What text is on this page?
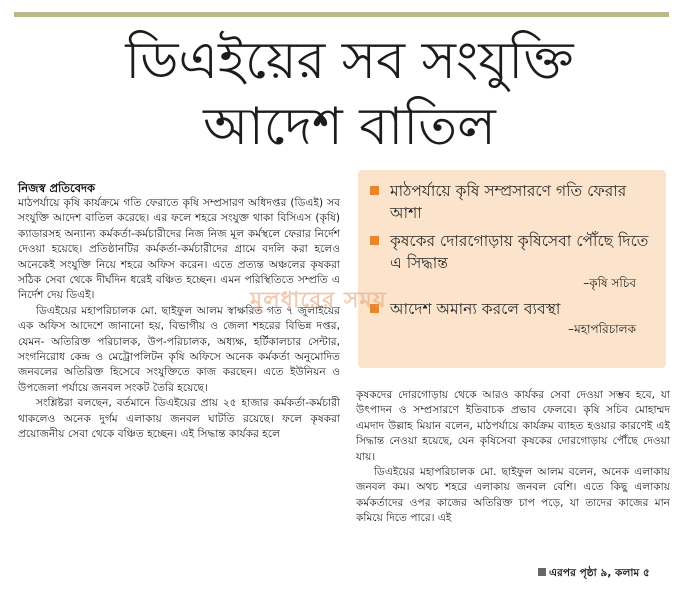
ডিএইয়ের সব সংযুক্তি
আদেশ বাতিল
নিজস্ব প্রতিবেদক

মাঠপর্যায়ে কৃষি কার্যক্রমে গতি ফেরাতে কৃষি সম্প্রসারণ অধিদপ্তর (ডিএই) সব সংযুক্তি আদেশ বাতিল করেছে। এর ফলে শহরে সংযুক্ত থাকা বিসিএস (কৃষি) ক্যাডারসহ অন্যান্য কর্মকর্তা-কর্মচারীদের নিজ নিজ মূল কর্মস্থলে ফেরার নির্দেশ দেওয়া হয়েছে। প্রতিষ্ঠানটির কর্মকর্তা-কর্মচারীদের গ্রামে বদলি করা হলেও অনেকেই সংযুক্তি নিয়ে শহরে অফিস করেন। এতে প্রত্যন্ত অঞ্চলের কৃষকরা সঠিক সেবা থেকে দীর্ঘদিন ধরেই বঞ্চিত হচ্ছেন। এমন পরিস্থিতিতে সম্প্রতি এ নির্দেশ দেয় ডিএই।

ডিএইয়ের মহাপরিচালক মো. ছাইফুল আলম স্বাক্ষরিত গত ৭ জুলাইয়ের এক অফিস আদেশে জানানো হয়, বিভাগীয় ও জেলা শহরের বিভিন্ন দপ্তর, যেমন- অতিরিক্ত পরিচালক, উপ-পরিচালক, অধ্যক্ষ, হর্টিকালচার সেন্টার, সংগনিরোধ কেন্দ্র ও মেট্রোপলিটন কৃষি অফিসে অনেক কর্মকর্তা অনুমোদিত জনবলের অতিরিক্ত হিসেবে সংযুক্তিতে কাজ করছেন। এতে ইউনিয়ন ও উপজেলা পর্যায়ে জনবল সংকট তৈরি হয়েছে।

সংশ্লিষ্টরা বলছেন, বর্তমানে ডিএইয়ের প্রায় ২৫ হাজার কর্মকর্তা-কর্মচারী থাকলেও অনেক দুর্গম এলাকায় জনবল ঘাটতি রয়েছে। ফলে কৃষকরা প্রয়োজনীয় সেবা থেকে বঞ্চিত হচ্ছেন। এই সিদ্ধান্ত কার্যকর হলে

মাঠপর্যায়ে কৃষি সম্প্রসারণে গতি ফেরার আশা
কৃষকের দোরগোড়ায় কৃষিসেবা পৌঁছে দিতে এ সিদ্ধান্ত
–কৃষি সচিব
আদেশ অমান্য করলে ব্যবস্থা
–মহাপরিচালক
মুলধারের সময়

কৃষকদের দোরগোড়ায় থেকে আরও কার্যকর সেবা দেওয়া সম্ভব হবে, যা উৎপাদন ও সম্প্রসারণে ইতিবাচক প্রভাব ফেলবে। কৃষি সচিব মোহাম্মদ এমদাদ উল্লাহ মিয়ান বলেন, মাঠপর্যায়ে কার্যক্রম ব্যাহত হওয়ার কারণেই এই সিদ্ধান্ত নেওয়া হয়েছে, যেন কৃষিসেবা কৃষকের দোরগোড়ায় পৌঁছে দেওয়া যায়।

ডিএইয়ের মহাপরিচালক মো. ছাইফুল আলম বলেন, অনেক এলাকায় জনবল কম। অথচ শহরে এলাকায় জনবল বেশি। এতে কিছু এলাকায় কর্মকর্তাদের ওপর কাজের অতিরিক্ত চাপ পড়ে, যা তাদের কাজের মান কমিয়ে দিতে পারে। এই

এরপর পৃষ্ঠা ৯, কলাম ৫
